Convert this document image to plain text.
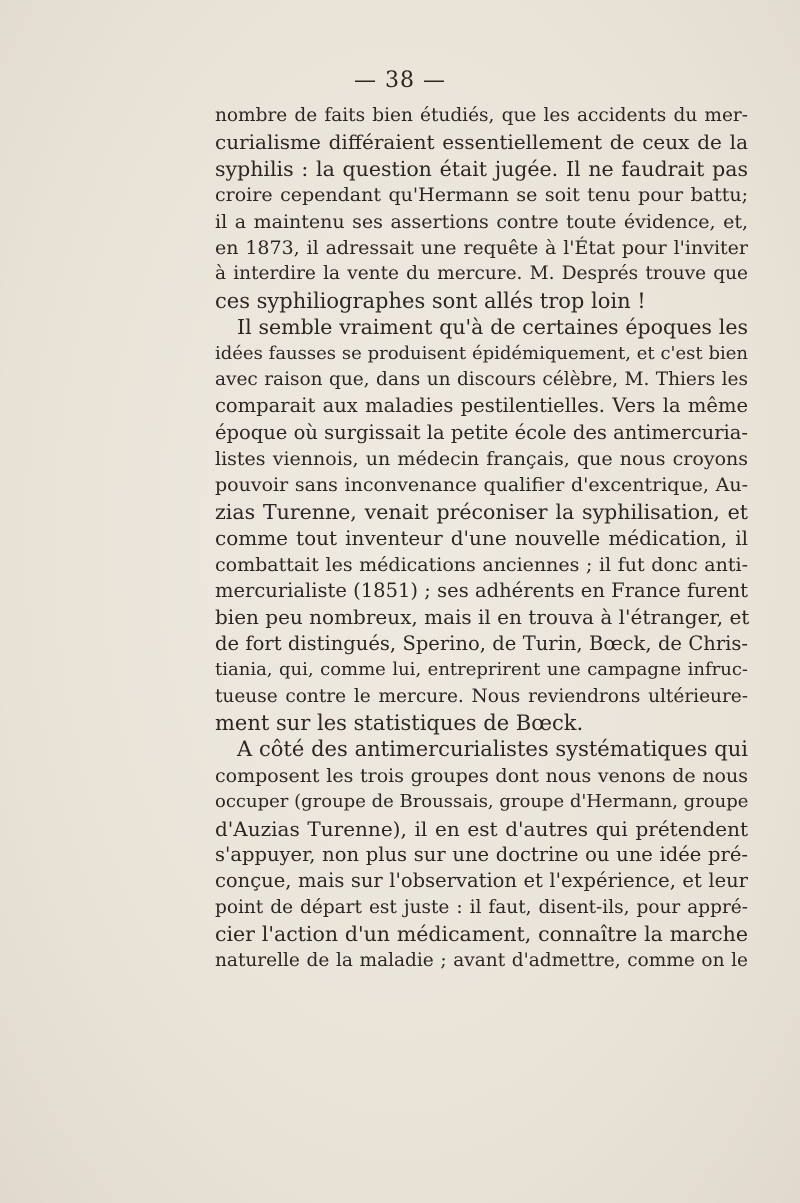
— 38 —
nombre de faits bien étudiés, que les accidents du mer-
curialisme différaient essentiellement de ceux de la
syphilis : la question était jugée. Il ne faudrait pas
croire cependant qu'Hermann se soit tenu pour battu;
il a maintenu ses assertions contre toute évidence, et,
en 1873, il adressait une requête à l'État pour l'inviter
à interdire la vente du mercure. M. Després trouve que
ces syphiliographes sont allés trop loin !
Il semble vraiment qu'à de certaines époques les
idées fausses se produisent épidémiquement, et c'est bien
avec raison que, dans un discours célèbre, M. Thiers les
comparait aux maladies pestilentielles. Vers la même
époque où surgissait la petite école des antimercuria-
listes viennois, un médecin français, que nous croyons
pouvoir sans inconvenance qualifier d'excentrique, Au-
zias Turenne, venait préconiser la syphilisation, et
comme tout inventeur d'une nouvelle médication, il
combattait les médications anciennes ; il fut donc anti-
mercurialiste (1851) ; ses adhérents en France furent
bien peu nombreux, mais il en trouva à l'étranger, et
de fort distingués, Sperino, de Turin, Bœck, de Chris-
tiania, qui, comme lui, entreprirent une campagne infruc-
tueuse contre le mercure. Nous reviendrons ultérieure-
ment sur les statistiques de Bœck.
A côté des antimercurialistes systématiques qui
composent les trois groupes dont nous venons de nous
occuper (groupe de Broussais, groupe d'Hermann, groupe
d'Auzias Turenne), il en est d'autres qui prétendent
s'appuyer, non plus sur une doctrine ou une idée pré-
conçue, mais sur l'observation et l'expérience, et leur
point de départ est juste : il faut, disent-ils, pour appré-
cier l'action d'un médicament, connaître la marche
naturelle de la maladie ; avant d'admettre, comme on le
